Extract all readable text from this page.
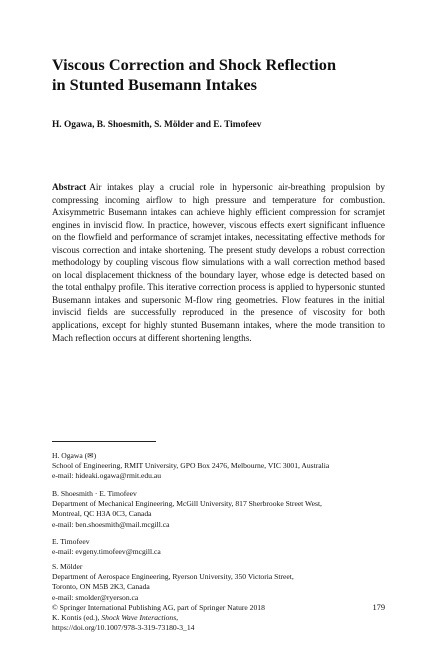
Viscous Correction and Shock Reflection
in Stunted Busemann Intakes

H. Ogawa, B. Shoesmith, S. Mölder and E. Timofeev

Abstract Air intakes play a crucial role in hypersonic air-breathing propulsion by compressing incoming airflow to high pressure and temperature for combustion. Axisymmetric Busemann intakes can achieve highly efficient compression for scramjet engines in inviscid flow. In practice, however, viscous effects exert significant influence on the flowfield and performance of scramjet intakes, necessitating effective methods for viscous correction and intake shortening. The present study develops a robust correction methodology by coupling viscous flow simulations with a wall correction method based on local displacement thickness of the boundary layer, whose edge is detected based on the total enthalpy profile. This iterative correction process is applied to hypersonic stunted Busemann intakes and supersonic M-flow ring geometries. Flow features in the initial inviscid fields are successfully reproduced in the presence of viscosity for both applications, except for highly stunted Busemann intakes, where the mode transition to Mach reflection occurs at different shortening lengths.

H. Ogawa (✉)
School of Engineering, RMIT University, GPO Box 2476, Melbourne, VIC 3001, Australia
e-mail: hideaki.ogawa@rmit.edu.au
B. Shoesmith · E. Timofeev
Department of Mechanical Engineering, McGill University, 817 Sherbrooke Street West,
Montreal, QC H3A 0C3, Canada
e-mail: ben.shoesmith@mail.mcgill.ca
E. Timofeev
e-mail: evgeny.timofeev@mcgill.ca
S. Mölder
Department of Aerospace Engineering, Ryerson University, 350 Victoria Street,
Toronto, ON M5B 2K3, Canada
e-mail: smolder@ryerson.ca
179
© Springer International Publishing AG, part of Springer Nature 2018
K. Kontis (ed.), Shock Wave Interactions,
https://doi.org/10.1007/978-3-319-73180-3_14
